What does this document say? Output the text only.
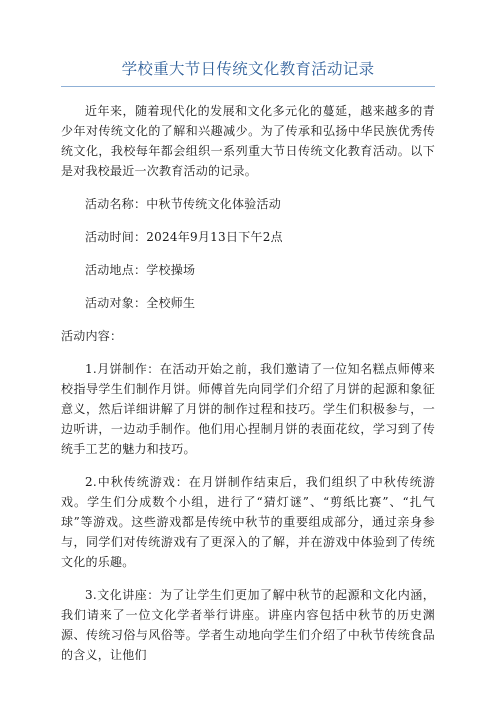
学校重大节日传统文化教育活动记录

近年来，随着现代化的发展和文化多元化的蔓延，越来越多的青少年对传统文化的了解和兴趣减少。为了传承和弘扬中华民族优秀传统文化，我校每年都会组织一系列重大节日传统文化教育活动。以下是对我校最近一次教育活动的记录。

活动名称：中秋节传统文化体验活动

活动时间：2024年9月13日下午2点

活动地点：学校操场

活动对象：全校师生

活动内容：

1.月饼制作：在活动开始之前，我们邀请了一位知名糕点师傅来校指导学生们制作月饼。师傅首先向同学们介绍了月饼的起源和象征意义，然后详细讲解了月饼的制作过程和技巧。学生们积极参与，一边听讲，一边动手制作。他们用心捏制月饼的表面花纹，学习到了传统手工艺的魅力和技巧。

2.中秋传统游戏：在月饼制作结束后，我们组织了中秋传统游戏。学生们分成数个小组，进行了“猜灯谜”、“剪纸比赛”、“扎气球”等游戏。这些游戏都是传统中秋节的重要组成部分，通过亲身参与，同学们对传统游戏有了更深入的了解，并在游戏中体验到了传统文化的乐趣。

3.文化讲座：为了让学生们更加了解中秋节的起源和文化内涵，我们请来了一位文化学者举行讲座。讲座内容包括中秋节的历史渊源、传统习俗与风俗等。学者生动地向学生们介绍了中秋节传统食品的含义，让他们
